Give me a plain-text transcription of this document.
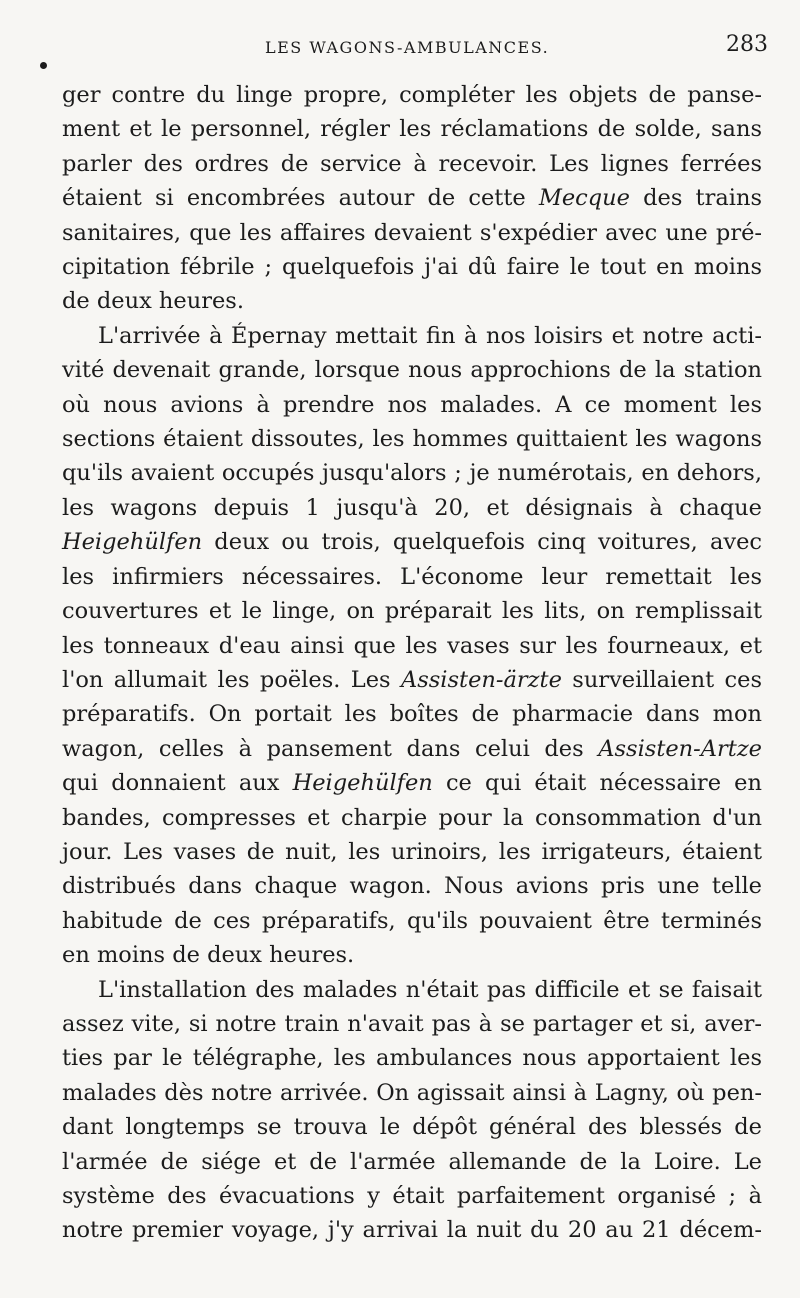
LES WAGONS-AMBULANCES.	283

ger contre du linge propre, compléter les objets de panse-

ment et le personnel, régler les réclamations de solde, sans

parler des ordres de service à recevoir. Les lignes ferrées

étaient si encombrées autour de cette Mecque des trains

sanitaires, que les affaires devaient s'expédier avec une pré-

cipitation fébrile ; quelquefois j'ai dû faire le tout en moins

de deux heures.

L'arrivée à Épernay mettait fin à nos loisirs et notre acti-

vité devenait grande, lorsque nous approchions de la station

où nous avions à prendre nos malades. A ce moment les

sections étaient dissoutes, les hommes quittaient les wagons

qu'ils avaient occupés jusqu'alors ; je numérotais, en dehors,

les wagons depuis 1 jusqu'à 20, et désignais à chaque

Heigehülfen deux ou trois, quelquefois cinq voitures, avec

les infirmiers nécessaires. L'économe leur remettait les

couvertures et le linge, on préparait les lits, on remplissait

les tonneaux d'eau ainsi que les vases sur les fourneaux, et

l'on allumait les poëles. Les Assisten-ärzte surveillaient ces

préparatifs. On portait les boîtes de pharmacie dans mon

wagon, celles à pansement dans celui des Assisten-Artze

qui donnaient aux Heigehülfen ce qui était nécessaire en

bandes, compresses et charpie pour la consommation d'un

jour. Les vases de nuit, les urinoirs, les irrigateurs, étaient

distribués dans chaque wagon. Nous avions pris une telle

habitude de ces préparatifs, qu'ils pouvaient être terminés

en moins de deux heures.

L'installation des malades n'était pas difficile et se faisait

assez vite, si notre train n'avait pas à se partager et si, aver-

ties par le télégraphe, les ambulances nous apportaient les

malades dès notre arrivée. On agissait ainsi à Lagny, où pen-

dant longtemps se trouva le dépôt général des blessés de

l'armée de siége et de l'armée allemande de la Loire. Le

système des évacuations y était parfaitement organisé ; à

notre premier voyage, j'y arrivai la nuit du 20 au 21 décem-
